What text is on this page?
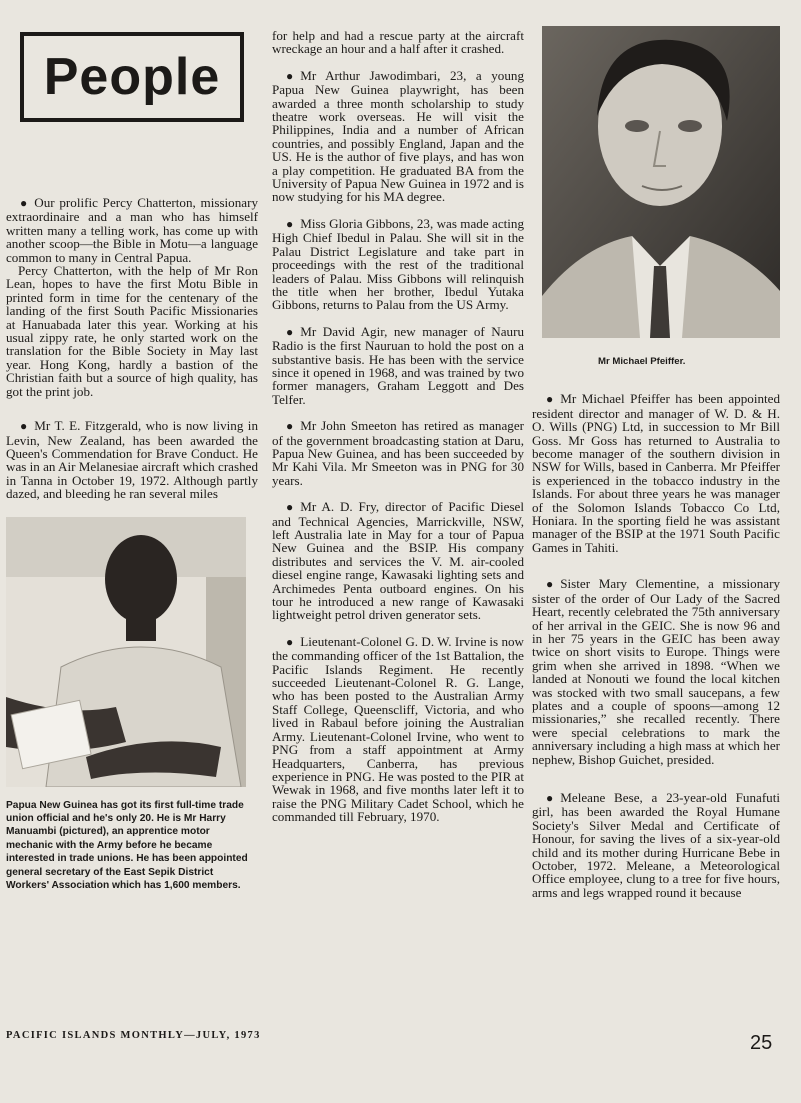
People

● Our prolific Percy Chatterton, missionary extraordinaire and a man who has himself written many a telling work, has come up with another scoop—the Bible in Motu—a language common to many in Central Papua.

Percy Chatterton, with the help of Mr Ron Lean, hopes to have the first Motu Bible in printed form in time for the centenary of the landing of the first South Pacific Missionaries at Hanuabada later this year. Working at his usual zippy rate, he only started work on the translation for the Bible Society in May last year. Hong Kong, hardly a bastion of the Christian faith but a source of high quality, has got the print job.

● Mr T. E. Fitzgerald, who is now living in Levin, New Zealand, has been awarded the Queen's Commendation for Brave Conduct. He was in an Air Melanesiae aircraft which crashed in Tanna in October 19, 1972. Although partly dazed, and bleeding he ran several miles

Papua New Guinea has got its first full-time trade union official and he's only 20. He is Mr Harry Manuambi (pictured), an apprentice motor mechanic with the Army before he became interested in trade unions. He has been appointed general secretary of the East Sepik District Workers' Association which has 1,600 members.

for help and had a rescue party at the aircraft wreckage an hour and a half after it crashed.

● Mr Arthur Jawodimbari, 23, a young Papua New Guinea playwright, has been awarded a three month scholarship to study theatre work overseas. He will visit the Philippines, India and a number of African countries, and possibly England, Japan and the US. He is the author of five plays, and has won a play competition. He graduated BA from the University of Papua New Guinea in 1972 and is now studying for his MA degree.

● Miss Gloria Gibbons, 23, was made acting High Chief Ibedul in Palau. She will sit in the Palau District Legislature and take part in proceedings with the rest of the traditional leaders of Palau. Miss Gibbons will relinquish the title when her brother, Ibedul Yutaka Gibbons, returns to Palau from the US Army.

● Mr David Agir, new manager of Nauru Radio is the first Nauruan to hold the post on a substantive basis. He has been with the service since it opened in 1968, and was trained by two former managers, Graham Leggott and Des Telfer.

● Mr John Smeeton has retired as manager of the government broadcasting station at Daru, Papua New Guinea, and has been succeeded by Mr Kahi Vila. Mr Smeeton was in PNG for 30 years.

● Mr A. D. Fry, director of Pacific Diesel and Technical Agencies, Marrickville, NSW, left Australia late in May for a tour of Papua New Guinea and the BSIP. His company distributes and services the V. M. air-cooled diesel engine range, Kawasaki lighting sets and Archimedes Penta outboard engines. On his tour he introduced a new range of Kawasaki lightweight petrol driven generator sets.

● Lieutenant-Colonel G. D. W. Irvine is now the commanding officer of the 1st Battalion, the Pacific Islands Regiment. He recently succeeded Lieutenant-Colonel R. G. Lange, who has been posted to the Australian Army Staff College, Queenscliff, Victoria, and who lived in Rabaul before joining the Australian Army. Lieutenant-Colonel Irvine, who went to PNG from a staff appointment at Army Headquarters, Canberra, has previous experience in PNG. He was posted to the PIR at Wewak in 1968, and five months later left it to raise the PNG Military Cadet School, which he commanded till February, 1970.

Mr Michael Pfeiffer.

● Mr Michael Pfeiffer has been appointed resident director and manager of W. D. & H. O. Wills (PNG) Ltd, in succession to Mr Bill Goss. Mr Goss has returned to Australia to become manager of the southern division in NSW for Wills, based in Canberra. Mr Pfeiffer is experienced in the tobacco industry in the Islands. For about three years he was manager of the Solomon Islands Tobacco Co Ltd, Honiara. In the sporting field he was assistant manager of the BSIP at the 1971 South Pacific Games in Tahiti.

● Sister Mary Clementine, a missionary sister of the order of Our Lady of the Sacred Heart, recently celebrated the 75th anniversary of her arrival in the GEIC. She is now 96 and in her 75 years in the GEIC has been away twice on short visits to Europe. Things were grim when she arrived in 1898. “When we landed at Nonouti we found the local kitchen was stocked with two small saucepans, a few plates and a couple of spoons—among 12 missionaries,” she recalled recently. There were special celebrations to mark the anniversary including a high mass at which her nephew, Bishop Guichet, presided.

● Meleane Bese, a 23-year-old Funafuti girl, has been awarded the Royal Humane Society's Silver Medal and Certificate of Honour, for saving the lives of a six-year-old child and its mother during Hurricane Bebe in October, 1972. Meleane, a Meteorological Office employee, clung to a tree for five hours, arms and legs wrapped round it because

PACIFIC ISLANDS MONTHLY—JULY, 1973	25
